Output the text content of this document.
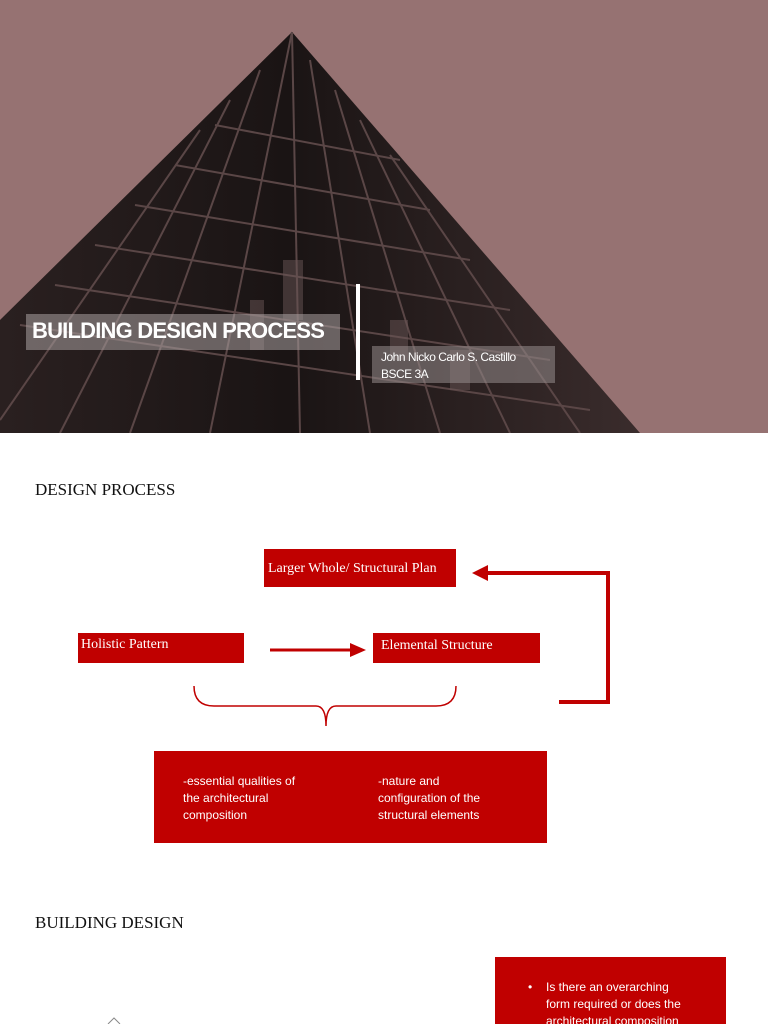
BUILDING DESIGN PROCESS
John Nicko Carlo S. Castillo
BSCE 3A
DESIGN PROCESS
Larger Whole/ Structural Plan
Holistic Pattern	Elemental Structure
-essential qualities of
the architectural
composition
-nature and
configuration of the
structural elements
BUILDING DESIGN
• Is there an overarching
form required or does the
architectural composition
